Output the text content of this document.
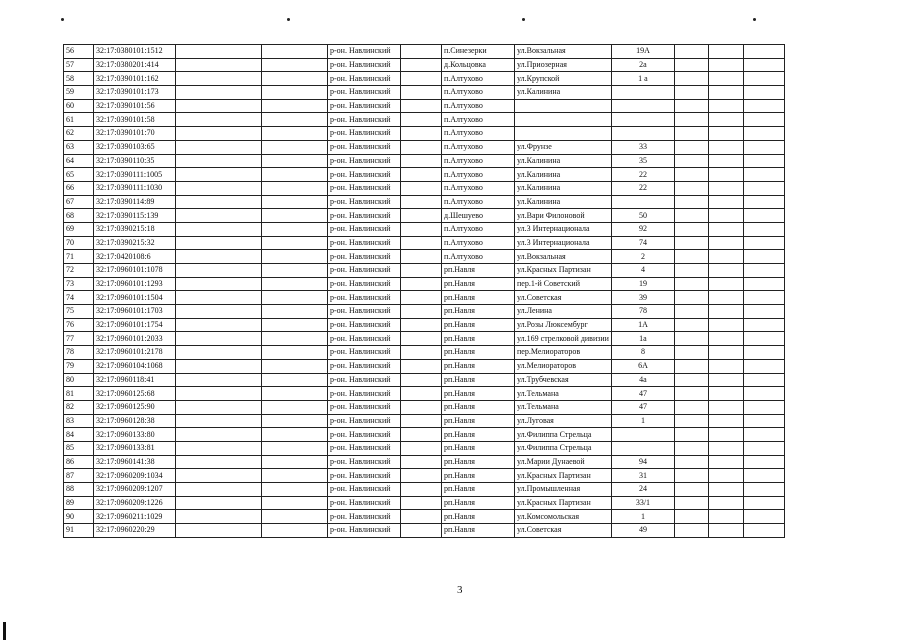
56	32:17:0380101:1512			р-он. Навлинский		п.Синезерки	ул.Вокзальная	19А			
57	32:17:0380201:414			р-он. Навлинский		д.Кольцовка	ул.Приозерная	2а			
58	32:17:0390101:162			р-он. Навлинский		п.Алтухово	ул.Крупской	1 а			
59	32:17:0390101:173			р-он. Навлинский		п.Алтухово	ул.Калинина				
60	32:17:0390101:56			р-он. Навлинский		п.Алтухово					
61	32:17:0390101:58			р-он. Навлинский		п.Алтухово					
62	32:17:0390101:70			р-он. Навлинский		п.Алтухово					
63	32:17:0390103:65			р-он. Навлинский		п.Алтухово	ул.Фрунзе	33			
64	32:17:0390110:35			р-он. Навлинский		п.Алтухово	ул.Калинина	35			
65	32:17:0390111:1005			р-он. Навлинский		п.Алтухово	ул.Калинина	22			
66	32:17:0390111:1030			р-он. Навлинский		п.Алтухово	ул.Калинина	22			
67	32:17:0390114:89			р-он. Навлинский		п.Алтухово	ул.Калинина				
68	32:17:0390115:139			р-он. Навлинский		д.Шешуево	ул.Вари Филоновой	50			
69	32:17:0390215:18			р-он. Навлинский		п.Алтухово	ул.3 Интернационала	92			
70	32:17:0390215:32			р-он. Навлинский		п.Алтухово	ул.3 Интернационала	74			
71	32:17:0420108:6			р-он. Навлинский		п.Алтухово	ул.Вокзальная	2			
72	32:17:0960101:1078			р-он. Навлинский		рп.Навля	ул.Красных Партизан	4			
73	32:17:0960101:1293			р-он. Навлинский		рп.Навля	пер.1-й Советский	19			
74	32:17:0960101:1504			р-он. Навлинский		рп.Навля	ул.Советская	39			
75	32:17:0960101:1703			р-он. Навлинский		рп.Навля	ул.Ленина	78			
76	32:17:0960101:1754			р-он. Навлинский		рп.Навля	ул.Розы Люксембург	1А			
77	32:17:0960101:2033			р-он. Навлинский		рп.Навля	ул.169 стрелковой дивизии	1а			
78	32:17:0960101:2178			р-он. Навлинский		рп.Навля	пер.Мелиораторов	8			
79	32:17:0960104:1068			р-он. Навлинский		рп.Навля	ул.Мелиораторов	6А			
80	32:17:0960118:41			р-он. Навлинский		рп.Навля	ул.Трубчевская	4а			
81	32:17:0960125:68			р-он. Навлинский		рп.Навля	ул.Тельмана	47			
82	32:17:0960125:90			р-он. Навлинский		рп.Навля	ул.Тельмана	47			
83	32:17:0960128:38			р-он. Навлинский		рп.Навля	ул.Луговая	1			
84	32:17:0960133:80			р-он. Навлинский		рп.Навля	ул.Филиппа Стрельца				
85	32:17:0960133:81			р-он. Навлинский		рп.Навля	ул.Филиппа Стрельца				
86	32:17:0960141:38			р-он. Навлинский		рп.Навля	ул.Марии Дунаевой	94			
87	32:17:0960209:1034			р-он. Навлинский		рп.Навля	ул.Красных Партизан	31			
88	32:17:0960209:1207			р-он. Навлинский		рп.Навля	ул.Промышленная	24			
89	32:17:0960209:1226			р-он. Навлинский		рп.Навля	ул.Красных Партизан	33/1			
90	32:17:0960211:1029			р-он. Навлинский		рп.Навля	ул.Комсомольская	1			
91	32:17:0960220:29			р-он. Навлинский		рп.Навля	ул.Советская	49			
3
